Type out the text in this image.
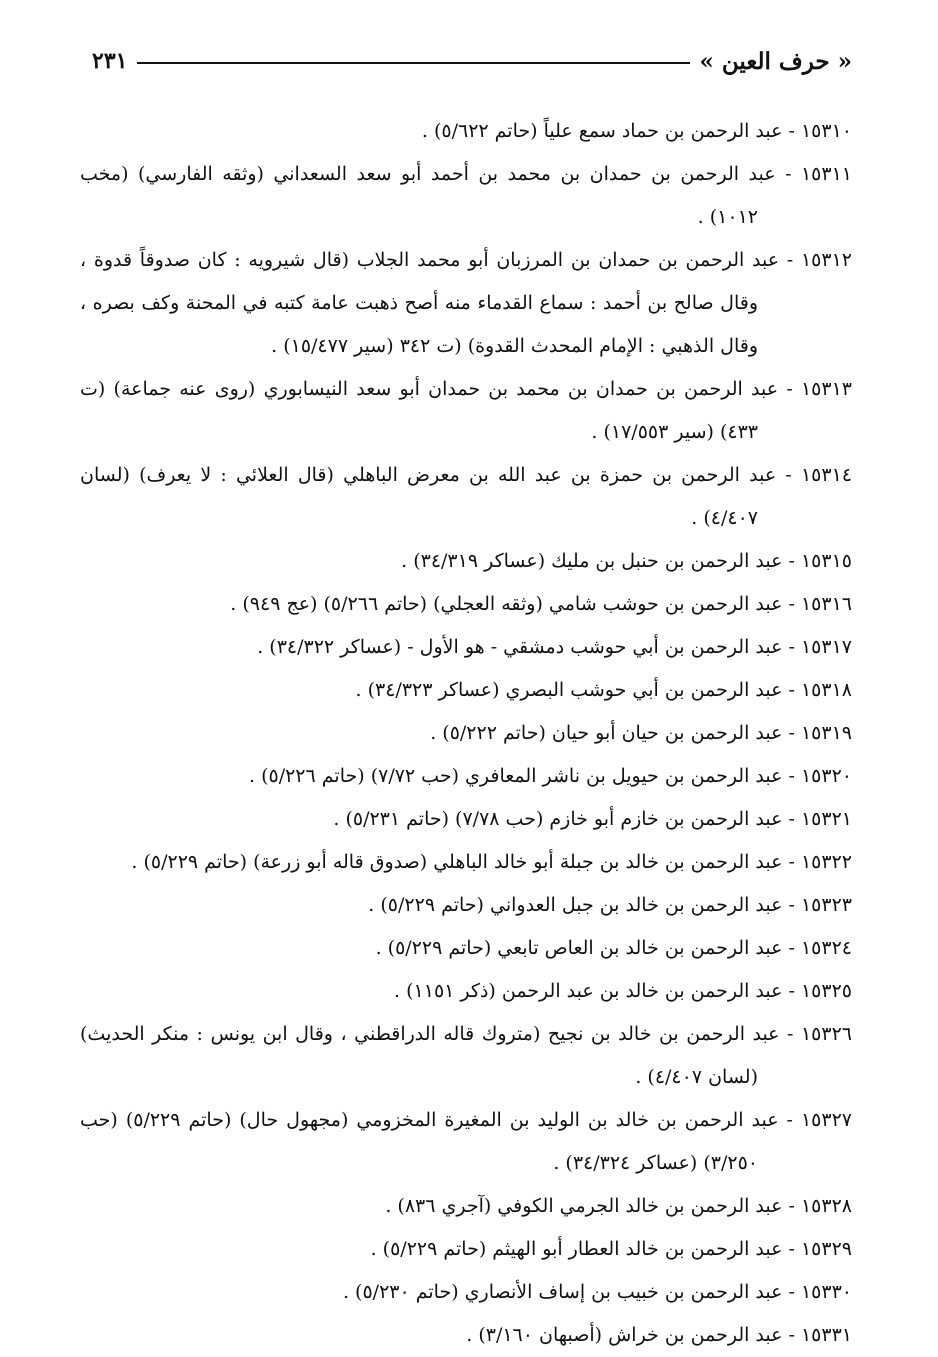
« حرف العين »
٢٣١
١٥٣١٠ - عبد الرحمن بن حماد سمع علياً (حاتم ٥/٦٢٢) .
١٥٣١١ - عبد الرحمن بن حمدان بن محمد بن أحمد أبو سعد السعداني (وثقه الفارسي) (مخب ١٠١٢) .
١٥٣١٢ - عبد الرحمن بن حمدان بن المرزبان أبو محمد الجلاب (قال شيرويه : كان صدوقاً قدوة ، وقال صالح بن أحمد : سماع القدماء منه أصح ذهبت عامة كتبه في المحنة وكف بصره ، وقال الذهبي : الإمام المحدث القدوة) (ت ٣٤٢ (سير ١٥/٤٧٧) .
١٥٣١٣ - عبد الرحمن بن حمدان بن محمد بن حمدان أبو سعد النيسابوري (روى عنه جماعة) (ت ٤٣٣) (سير ١٧/٥٥٣) .
١٥٣١٤ - عبد الرحمن بن حمزة بن عبد الله بن معرض الباهلي (قال العلائي : لا يعرف) (لسان ٤/٤٠٧) .
١٥٣١٥ - عبد الرحمن بن حنبل بن مليك (عساكر ٣٤/٣١٩) .
١٥٣١٦ - عبد الرحمن بن حوشب شامي (وثقه العجلي) (حاتم ٥/٢٦٦) (عج ٩٤٩) .
١٥٣١٧ - عبد الرحمن بن أبي حوشب دمشقي - هو الأول - (عساكر ٣٤/٣٢٢) .
١٥٣١٨ - عبد الرحمن بن أبي حوشب البصري (عساكر ٣٤/٣٢٣) .
١٥٣١٩ - عبد الرحمن بن حيان أبو حيان (حاتم ٥/٢٢٢) .
١٥٣٢٠ - عبد الرحمن بن حيويل بن ناشر المعافري (حب ٧/٧٢) (حاتم ٥/٢٢٦) .
١٥٣٢١ - عبد الرحمن بن خازم أبو خازم (حب ٧/٧٨) (حاتم ٥/٢٣١) .
١٥٣٢٢ - عبد الرحمن بن خالد بن جبلة أبو خالد الباهلي (صدوق قاله أبو زرعة) (حاتم ٥/٢٢٩) .
١٥٣٢٣ - عبد الرحمن بن خالد بن جبل العدواني (حاتم ٥/٢٢٩) .
١٥٣٢٤ - عبد الرحمن بن خالد بن العاص تابعي (حاتم ٥/٢٢٩) .
١٥٣٢٥ - عبد الرحمن بن خالد بن عبد الرحمن (ذكر ١١٥١) .
١٥٣٢٦ - عبد الرحمن بن خالد بن نجيح (متروك قاله الدراقطني ، وقال ابن يونس : منكر الحديث) (لسان ٤/٤٠٧) .
١٥٣٢٧ - عبد الرحمن بن خالد بن الوليد بن المغيرة المخزومي (مجهول حال) (حاتم ٥/٢٢٩) (حب ٣/٢٥٠) (عساكر ٣٤/٣٢٤) .
١٥٣٢٨ - عبد الرحمن بن خالد الجرمي الكوفي (آجري ٨٣٦) .
١٥٣٢٩ - عبد الرحمن بن خالد العطار أبو الهيثم (حاتم ٥/٢٢٩) .
١٥٣٣٠ - عبد الرحمن بن خبيب بن إساف الأنصاري (حاتم ٥/٢٣٠) .
١٥٣٣١ - عبد الرحمن بن خراش (أصبهان ٣/١٦٠) .
